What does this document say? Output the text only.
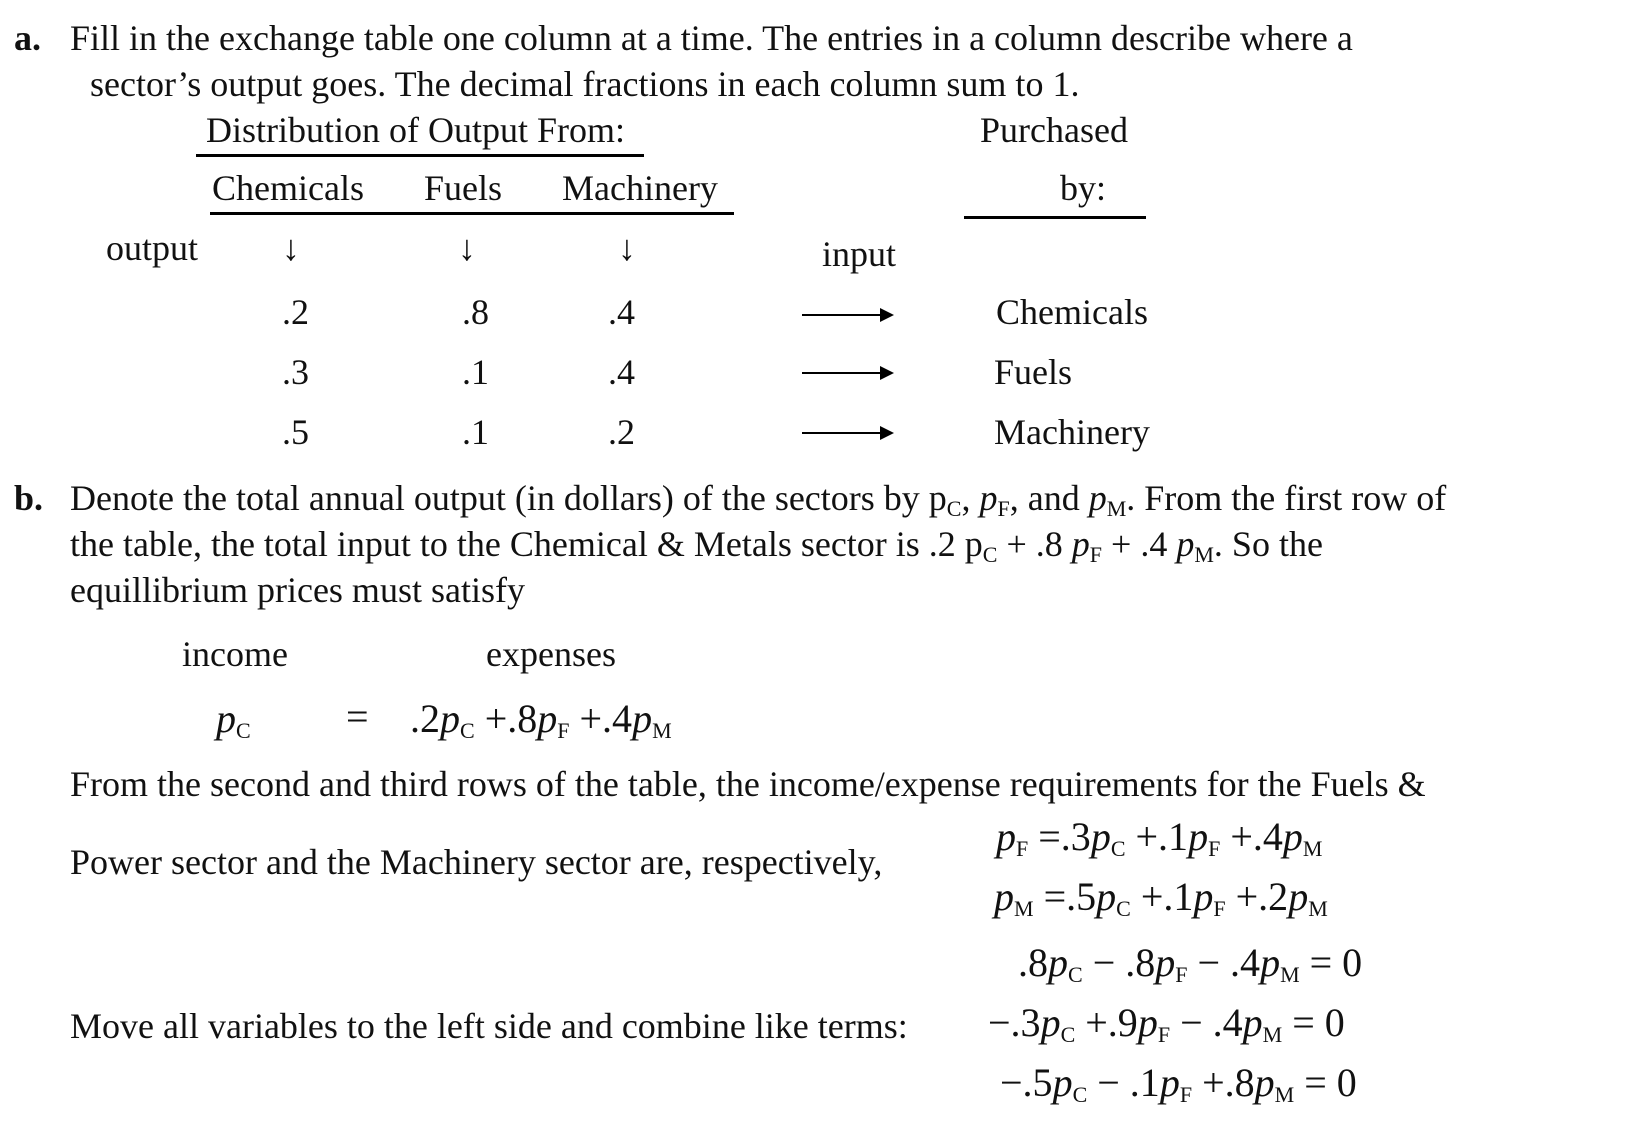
a. Fill in the exchange table one column at a time. The entries in a column describe where a
sector’s output goes. The decimal fractions in each column sum to 1.
Distribution of Output From:	Purchased
Chemicals Fuels Machinery	by:
output ↓	↓	↓	input
.2	.8	.4	Chemicals
.3	.1	.4	Fuels
.5	.1	.2	Machinery
b. Denote the total annual output (in dollars) of the sectors by $p_C$, $p_F$, and $p_M$. From the first row of
the table, the total input to the Chemical & Metals sector is .2 $p_C + .8$ $p_F + .4$ $p_M$. So the
equillibrium prices must satisfy
income	expenses
$p_C = .2p_C +.8p_F +.4p_M$
From the second and third rows of the table, the income/expense requirements for the Fuels &
Power sector and the Machinery sector are, respectively,
$p_F =.3p_C +.1p_F +.4p_M$
$p_M =.5p_C +.1p_F +.2p_M$
$.8p_C - .8p_F - .4p_M = 0$
Move all variables to the left side and combine like terms: $-.3p_C +.9p_F - .4p_M = 0$
$-.5p_C - .1p_F +.8p_M = 0$
